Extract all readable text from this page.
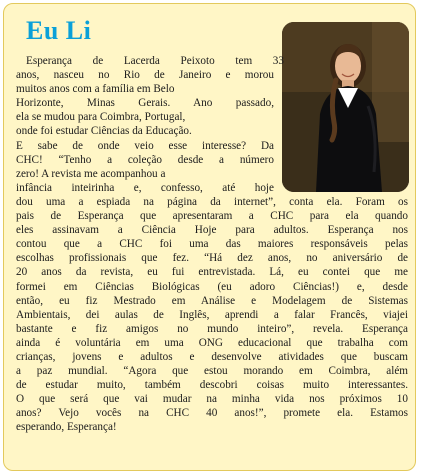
Eu Li
Esperança de Lacerda Peixoto tem 33
anos, nasceu no Rio de Janeiro e morou
muitos anos com a família em Belo
Horizonte, Minas Gerais. Ano passado,
ela se mudou para Coimbra, Portugal,
onde foi estudar Ciências da Educação.
E sabe de onde veio esse interesse? Da
CHC! “Tenho a coleção desde a número
zero! A revista me acompanhou a
infância inteirinha e, confesso, até hoje
dou uma a espiada na página da internet”, conta ela. Foram os
pais de Esperança que apresentaram a CHC para ela quando
eles assinavam a Ciência Hoje para adultos. Esperança nos
contou que a CHC foi uma das maiores responsáveis pelas
escolhas profissionais que fez. “Há dez anos, no aniversário de
20 anos da revista, eu fui entrevistada. Lá, eu contei que me
formei em Ciências Biológicas (eu adoro Ciências!) e, desde
então, eu fiz Mestrado em Análise e Modelagem de Sistemas
Ambientais, dei aulas de Inglês, aprendi a falar Francês, viajei
bastante e fiz amigos no mundo inteiro”, revela. Esperança
ainda é voluntária em uma ONG educacional que trabalha com
crianças, jovens e adultos e desenvolve atividades que buscam
a paz mundial. “Agora que estou morando em Coimbra, além
de estudar muito, também descobri coisas muito interessantes.
O que será que vai mudar na minha vida nos próximos 10
anos? Vejo vocês na CHC 40 anos!”, promete ela. Estamos
esperando, Esperança!
